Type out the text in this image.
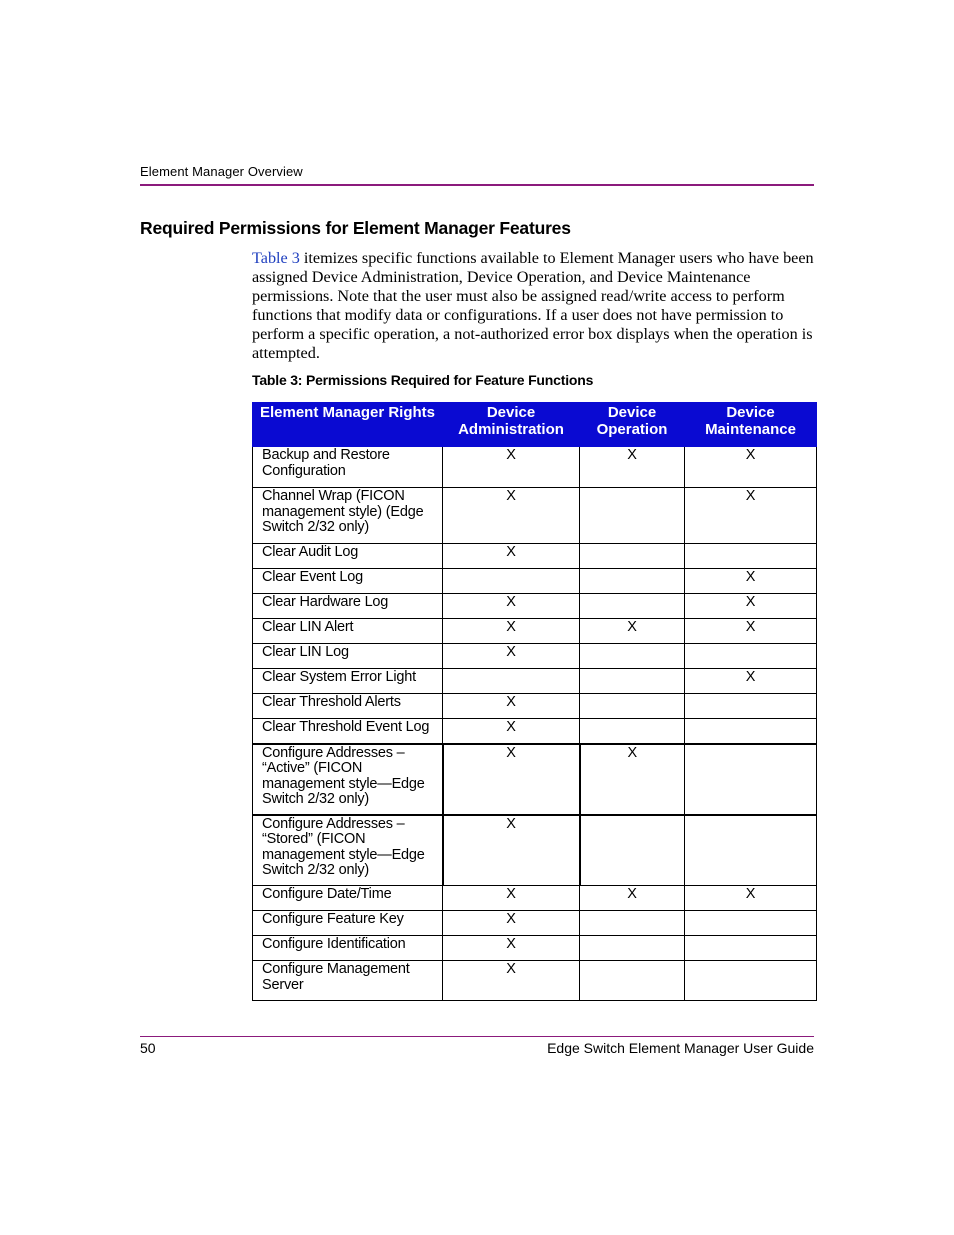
Element Manager Overview
Required Permissions for Element Manager Features
Table 3 itemizes specific functions available to Element Manager users who have been assigned Device Administration, Device Operation, and Device Maintenance permissions. Note that the user must also be assigned read/write access to perform functions that modify data or configurations. If a user does not have permission to perform a specific operation, a not-authorized error box displays when the operation is attempted.
Table 3: Permissions Required for Feature Functions
Element Manager Rights	Device Administration	Device Operation	Device Maintenance
Backup and Restore Configuration	X	X	X
Channel Wrap (FICON management style) (Edge Switch 2/32 only)	X		X
Clear Audit Log	X		
Clear Event Log			X
Clear Hardware Log	X		X
Clear LIN Alert	X	X	X
Clear LIN Log	X		
Clear System Error Light			X
Clear Threshold Alerts	X		
Clear Threshold Event Log	X		
Configure Addresses – “Active” (FICON management style—Edge Switch 2/32 only)	X	X	
Configure Addresses – “Stored” (FICON management style—Edge Switch 2/32 only)	X		
Configure Date/Time	X	X	X
Configure Feature Key	X		
Configure Identification	X		
Configure Management Server	X		
50	Edge Switch Element Manager User Guide
